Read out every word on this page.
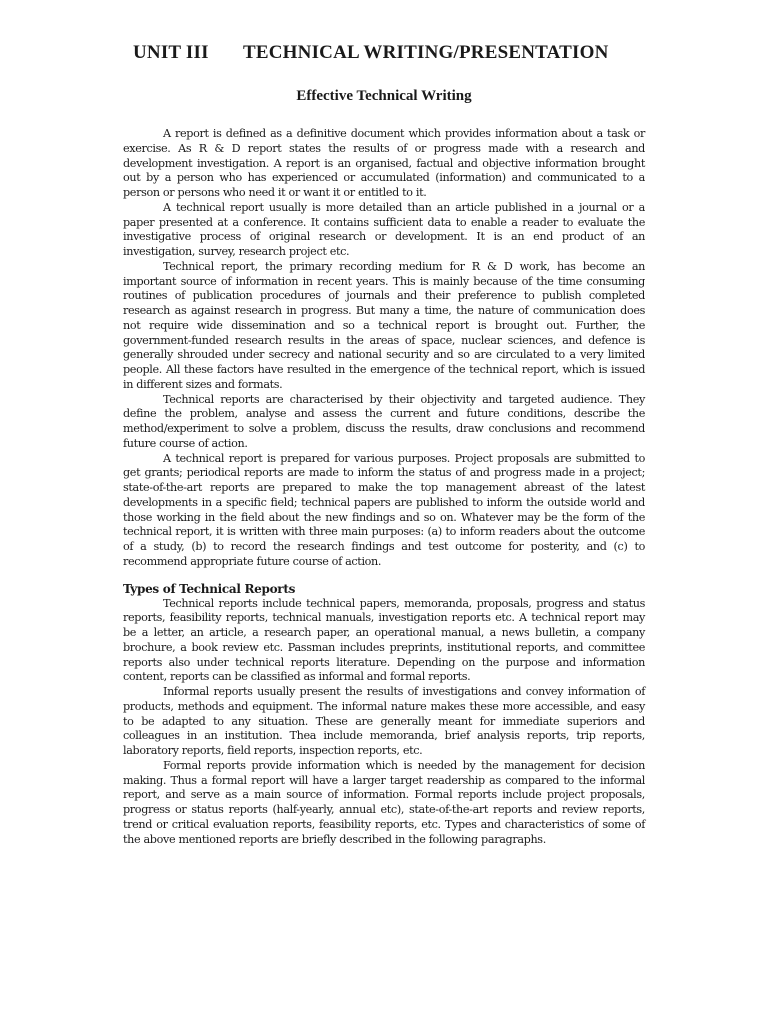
UNIT III TECHNICAL WRITING/PRESENTATION
Effective Technical Writing

A report is defined as a definitive document which provides information about a task or exercise. As R & D report states the results of or progress made with a research and development investigation. A report is an organised, factual and objective information brought out by a person who has experienced or accumulated (information) and communicated to a person or persons who need it or want it or entitled to it.

A technical report usually is more detailed than an article published in a journal or a paper presented at a conference. It contains sufficient data to enable a reader to evaluate the investigative process of original research or development. It is an end product of an investigation, survey, research project etc.

Technical report, the primary recording medium for R & D work, has become an important source of information in recent years. This is mainly because of the time consuming routines of publication procedures of journals and their preference to publish completed research as against research in progress. But many a time, the nature of communication does not require wide dissemination and so a technical report is brought out. Further, the government-funded research results in the areas of space, nuclear sciences, and defence is generally shrouded under secrecy and national security and so are circulated to a very limited people. All these factors have resulted in the emergence of the technical report, which is issued in different sizes and formats.

Technical reports are characterised by their objectivity and targeted audience. They define the problem, analyse and assess the current and future conditions, describe the method/experiment to solve a problem, discuss the results, draw conclusions and recommend future course of action.

A technical report is prepared for various purposes. Project proposals are submitted to get grants; periodical reports are made to inform the status of and progress made in a project; state-of-the-art reports are prepared to make the top management abreast of the latest developments in a specific field; technical papers are published to inform the outside world and those working in the field about the new findings and so on. Whatever may be the form of the technical report, it is written with three main purposes: (a) to inform readers about the outcome of a study, (b) to record the research findings and test outcome for posterity, and (c) to recommend appropriate future course of action.

Types of Technical Reports

Technical reports include technical papers, memoranda, proposals, progress and status reports, feasibility reports, technical manuals, investigation reports etc. A technical report may be a letter, an article, a research paper, an operational manual, a news bulletin, a company brochure, a book review etc. Passman includes preprints, institutional reports, and committee reports also under technical reports literature. Depending on the purpose and information content, reports can be classified as informal and formal reports.

Informal reports usually present the results of investigations and convey information of products, methods and equipment. The informal nature makes these more accessible, and easy to be adapted to any situation. These are generally meant for immediate superiors and colleagues in an institution. Thea include memoranda, brief analysis reports, trip reports, laboratory reports, field reports, inspection reports, etc.

Formal reports provide information which is needed by the management for decision making. Thus a formal report will have a larger target readership as compared to the informal report, and serve as a main source of information. Formal reports include project proposals, progress or status reports (half-yearly, annual etc), state-of-the-art reports and review reports, trend or critical evaluation reports, feasibility reports, etc. Types and characteristics of some of the above mentioned reports are briefly described in the following paragraphs.
